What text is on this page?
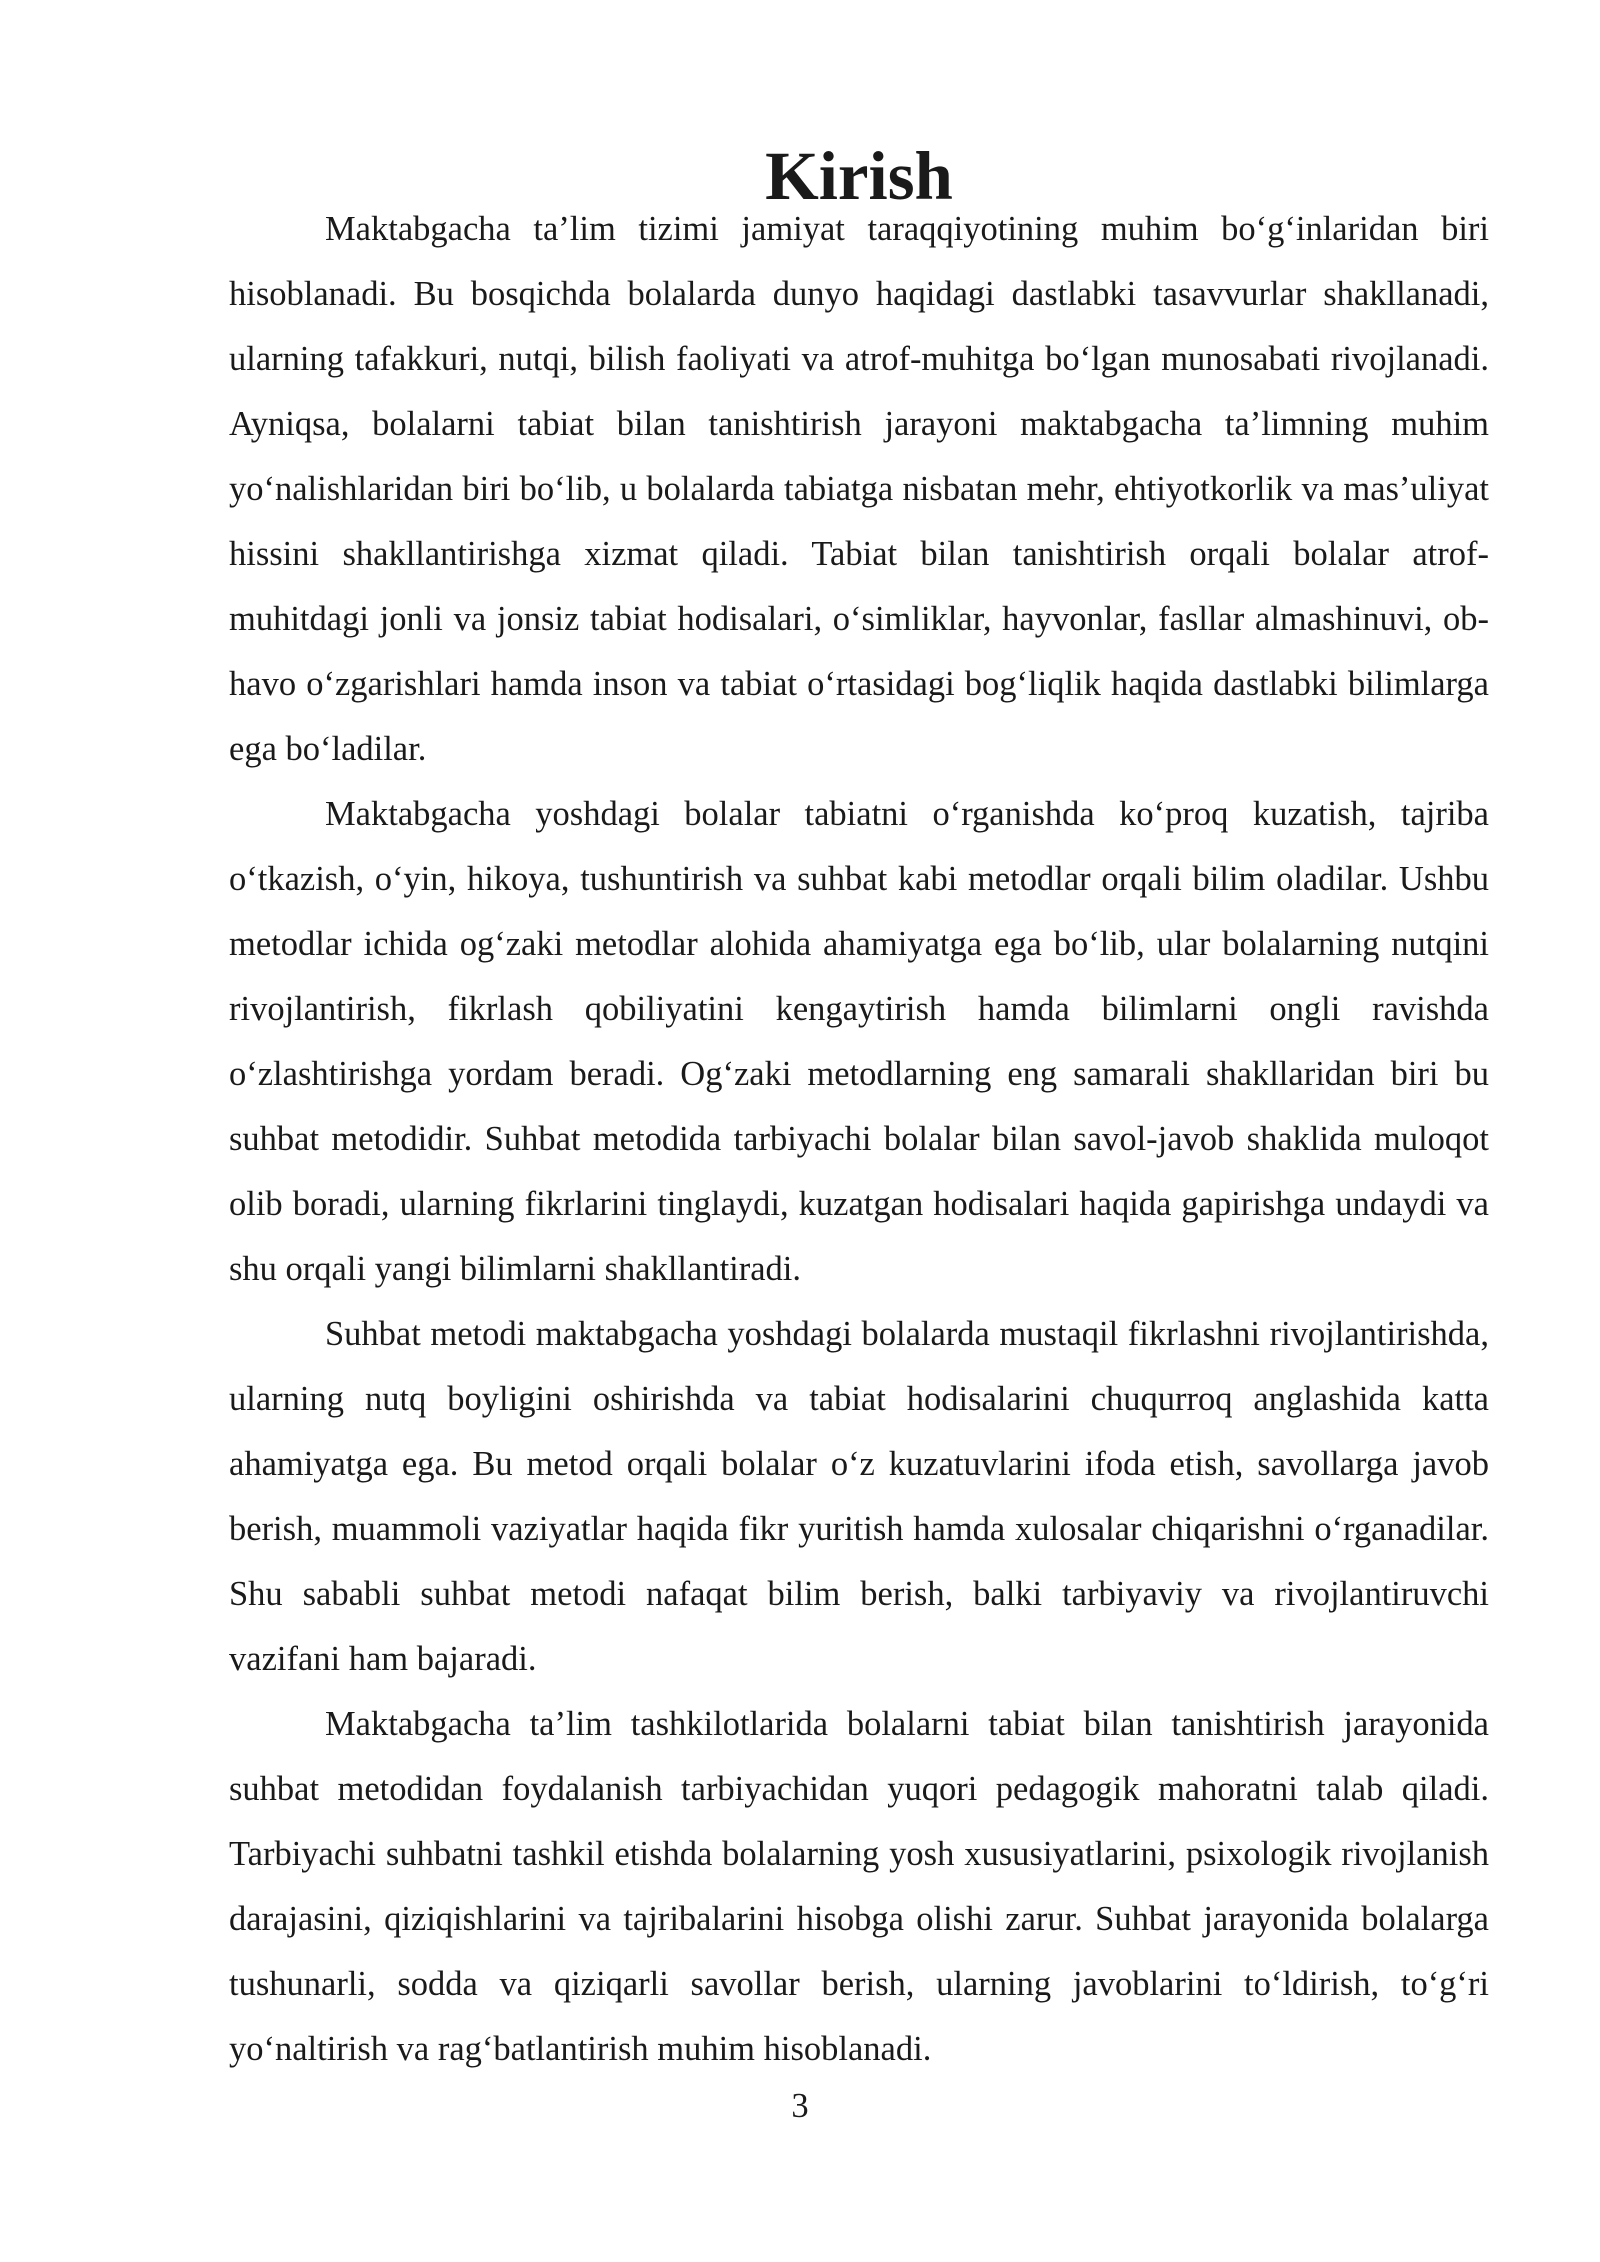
Kirish

Maktabgacha ta’lim tizimi jamiyat taraqqiyotining muhim bo‘g‘inlaridan biri hisoblanadi. Bu bosqichda bolalarda dunyo haqidagi dastlabki tasavvurlar shakllanadi, ularning tafakkuri, nutqi, bilish faoliyati va atrof-muhitga bo‘lgan munosabati rivojlanadi. Ayniqsa, bolalarni tabiat bilan tanishtirish jarayoni maktabgacha ta’limning muhim yo‘nalishlaridan biri bo‘lib, u bolalarda tabiatga nisbatan mehr, ehtiyotkorlik va mas’uliyat hissini shakllantirishga xizmat qiladi. Tabiat bilan tanishtirish orqali bolalar atrof-muhitdagi jonli va jonsiz tabiat hodisalari, o‘simliklar, hayvonlar, fasllar almashinuvi, ob-havo o‘zgarishlari hamda inson va tabiat o‘rtasidagi bog‘liqlik haqida dastlabki bilimlarga ega bo‘ladilar.

Maktabgacha yoshdagi bolalar tabiatni o‘rganishda ko‘proq kuzatish, tajriba o‘tkazish, o‘yin, hikoya, tushuntirish va suhbat kabi metodlar orqali bilim oladilar. Ushbu metodlar ichida og‘zaki metodlar alohida ahamiyatga ega bo‘lib, ular bolalarning nutqini rivojlantirish, fikrlash qobiliyatini kengaytirish hamda bilimlarni ongli ravishda o‘zlashtirishga yordam beradi. Og‘zaki metodlarning eng samarali shakllaridan biri bu suhbat metodidir. Suhbat metodida tarbiyachi bolalar bilan savol-javob shaklida muloqot olib boradi, ularning fikrlarini tinglaydi, kuzatgan hodisalari haqida gapirishga undaydi va shu orqali yangi bilimlarni shakllantiradi.

Suhbat metodi maktabgacha yoshdagi bolalarda mustaqil fikrlashni rivojlantirishda, ularning nutq boyligini oshirishda va tabiat hodisalarini chuqurroq anglashida katta ahamiyatga ega. Bu metod orqali bolalar o‘z kuzatuvlarini ifoda etish, savollarga javob berish, muammoli vaziyatlar haqida fikr yuritish hamda xulosalar chiqarishni o‘rganadilar. Shu sababli suhbat metodi nafaqat bilim berish, balki tarbiyaviy va rivojlantiruvchi vazifani ham bajaradi.

Maktabgacha ta’lim tashkilotlarida bolalarni tabiat bilan tanishtirish jarayonida suhbat metodidan foydalanish tarbiyachidan yuqori pedagogik mahoratni talab qiladi. Tarbiyachi suhbatni tashkil etishda bolalarning yosh xususiyatlarini, psixologik rivojlanish darajasini, qiziqishlarini va tajribalarini hisobga olishi zarur. Suhbat jarayonida bolalarga tushunarli, sodda va qiziqarli savollar berish, ularning javoblarini to‘ldirish, to‘g‘ri yo‘naltirish va rag‘batlantirish muhim hisoblanadi.

3
